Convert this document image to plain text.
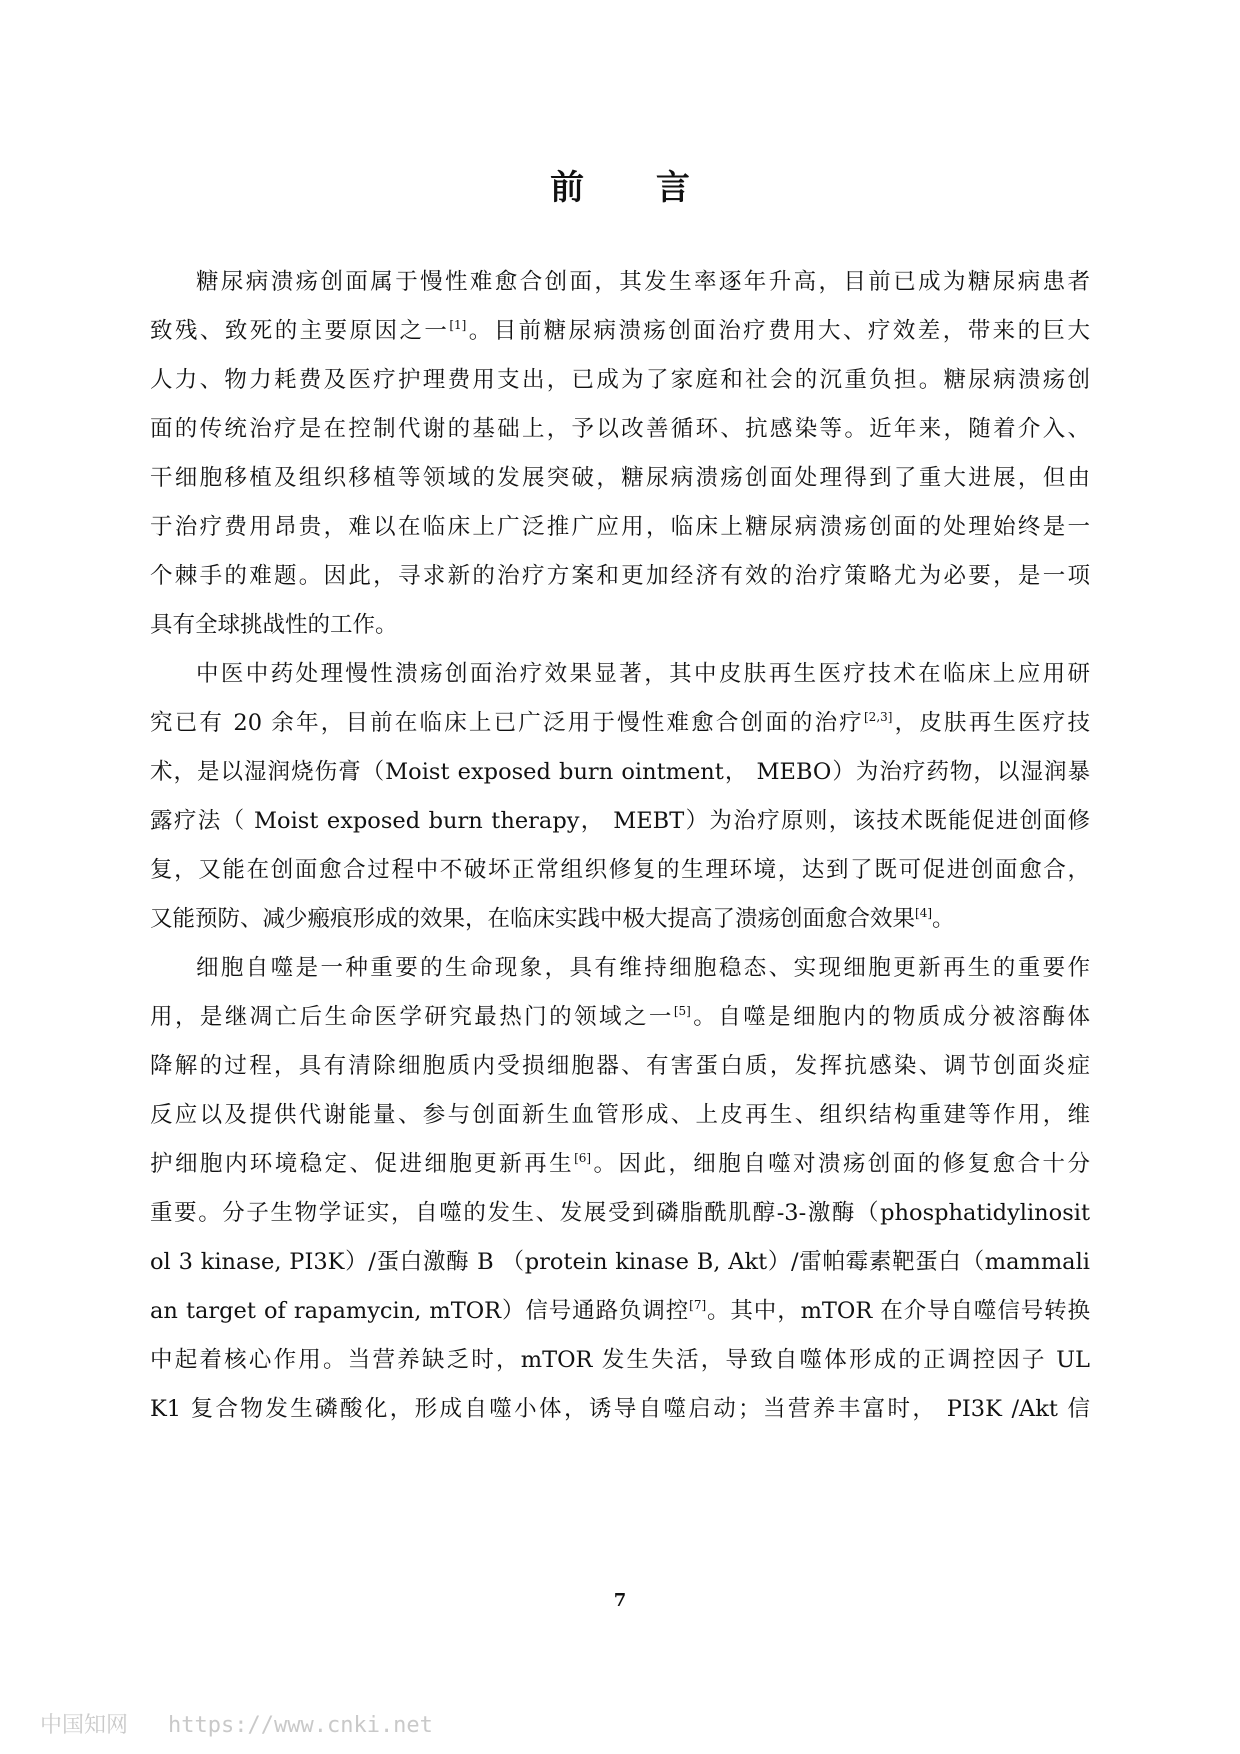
前 言
糖尿病溃疡创面属于慢性难愈合创面，其发生率逐年升高，目前已成为糖尿病患者
致残、致死的主要原因之一[1]。目前糖尿病溃疡创面治疗费用大、疗效差，带来的巨大
人力、物力耗费及医疗护理费用支出，已成为了家庭和社会的沉重负担。糖尿病溃疡创
面的传统治疗是在控制代谢的基础上，予以改善循环、抗感染等。近年来，随着介入、
干细胞移植及组织移植等领域的发展突破，糖尿病溃疡创面处理得到了重大进展，但由
于治疗费用昂贵，难以在临床上广泛推广应用，临床上糖尿病溃疡创面的处理始终是一
个棘手的难题。因此，寻求新的治疗方案和更加经济有效的治疗策略尤为必要，是一项
具有全球挑战性的工作。
中医中药处理慢性溃疡创面治疗效果显著，其中皮肤再生医疗技术在临床上应用研
究已有 20 余年，目前在临床上已广泛用于慢性难愈合创面的治疗[2,3]，皮肤再生医疗技
术，是以湿润烧伤膏（Moist exposed burn ointment， MEBO）为治疗药物，以湿润暴
露疗法（ Moist exposed burn therapy， MEBT）为治疗原则，该技术既能促进创面修
复，又能在创面愈合过程中不破坏正常组织修复的生理环境，达到了既可促进创面愈合，
又能预防、减少瘢痕形成的效果，在临床实践中极大提高了溃疡创面愈合效果[4]。
细胞自噬是一种重要的生命现象，具有维持细胞稳态、实现细胞更新再生的重要作
用，是继凋亡后生命医学研究最热门的领域之一[5]。自噬是细胞内的物质成分被溶酶体
降解的过程，具有清除细胞质内受损细胞器、有害蛋白质，发挥抗感染、调节创面炎症
反应以及提供代谢能量、参与创面新生血管形成、上皮再生、组织结构重建等作用，维
护细胞内环境稳定、促进细胞更新再生[6]。因此，细胞自噬对溃疡创面的修复愈合十分
重要。分子生物学证实，自噬的发生、发展受到磷脂酰肌醇-3-激酶（phosphatidylinosit
ol 3 kinase, PI3K）/蛋白激酶 B （protein kinase B, Akt）/雷帕霉素靶蛋白（mammali
an target of rapamycin, mTOR）信号通路负调控[7]。其中，mTOR 在介导自噬信号转换
中起着核心作用。当营养缺乏时，mTOR 发生失活，导致自噬体形成的正调控因子 UL
K1 复合物发生磷酸化，形成自噬小体，诱导自噬启动；当营养丰富时， PI3K /Akt 信
7
中国知网 https://www.cnki.net
